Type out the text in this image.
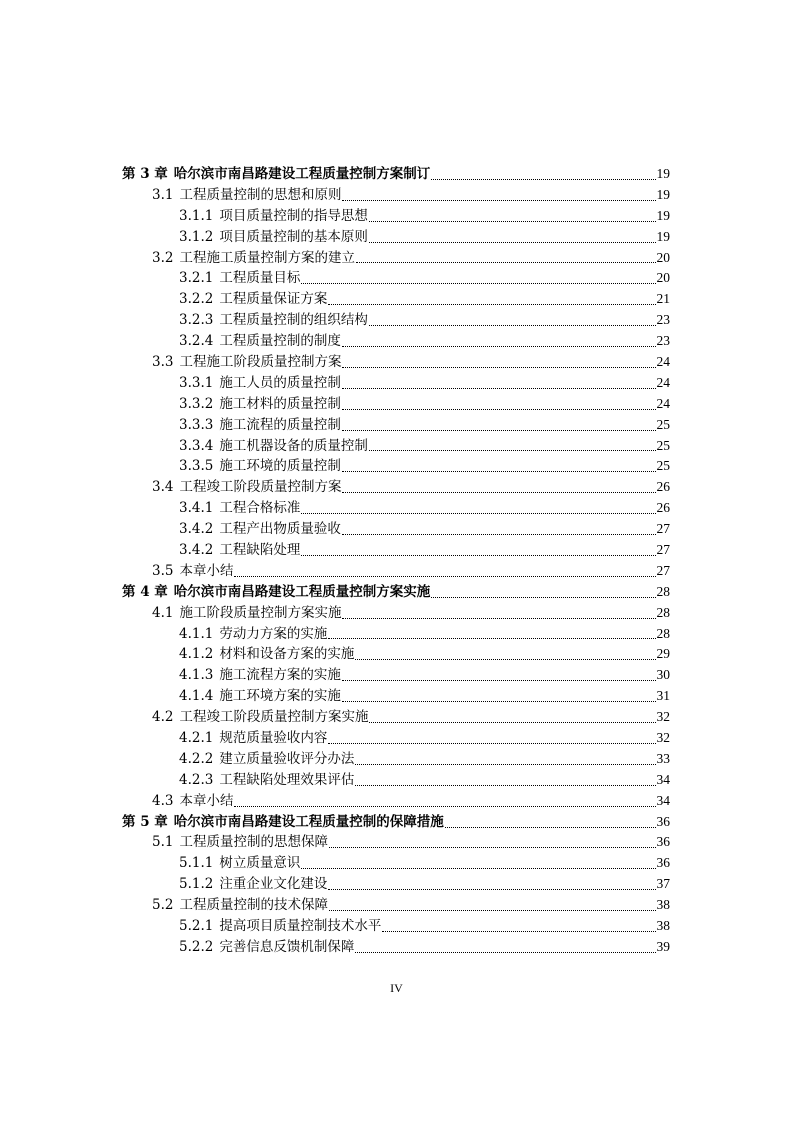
第 3 章 哈尔滨市南昌路建设工程质量控制方案制订	19
3.1 工程质量控制的思想和原则	19
3.1.1 项目质量控制的指导思想	19
3.1.2 项目质量控制的基本原则	19
3.2 工程施工质量控制方案的建立	20
3.2.1 工程质量目标	20
3.2.2 工程质量保证方案	21
3.2.3 工程质量控制的组织结构	23
3.2.4 工程质量控制的制度	23
3.3 工程施工阶段质量控制方案	24
3.3.1 施工人员的质量控制	24
3.3.2 施工材料的质量控制	24
3.3.3 施工流程的质量控制	25
3.3.4 施工机器设备的质量控制	25
3.3.5 施工环境的质量控制	25
3.4 工程竣工阶段质量控制方案	26
3.4.1 工程合格标准	26
3.4.2 工程产出物质量验收	27
3.4.2 工程缺陷处理	27
3.5 本章小结	27
第 4 章 哈尔滨市南昌路建设工程质量控制方案实施	28
4.1 施工阶段质量控制方案实施	28
4.1.1 劳动力方案的实施	28
4.1.2 材料和设备方案的实施	29
4.1.3 施工流程方案的实施	30
4.1.4 施工环境方案的实施	31
4.2 工程竣工阶段质量控制方案实施	32
4.2.1 规范质量验收内容	32
4.2.2 建立质量验收评分办法	33
4.2.3 工程缺陷处理效果评估	34
4.3 本章小结	34
第 5 章 哈尔滨市南昌路建设工程质量控制的保障措施	36
5.1 工程质量控制的思想保障	36
5.1.1 树立质量意识	36
5.1.2 注重企业文化建设	37
5.2 工程质量控制的技术保障	38
5.2.1 提高项目质量控制技术水平	38
5.2.2 完善信息反馈机制保障	39
IV
